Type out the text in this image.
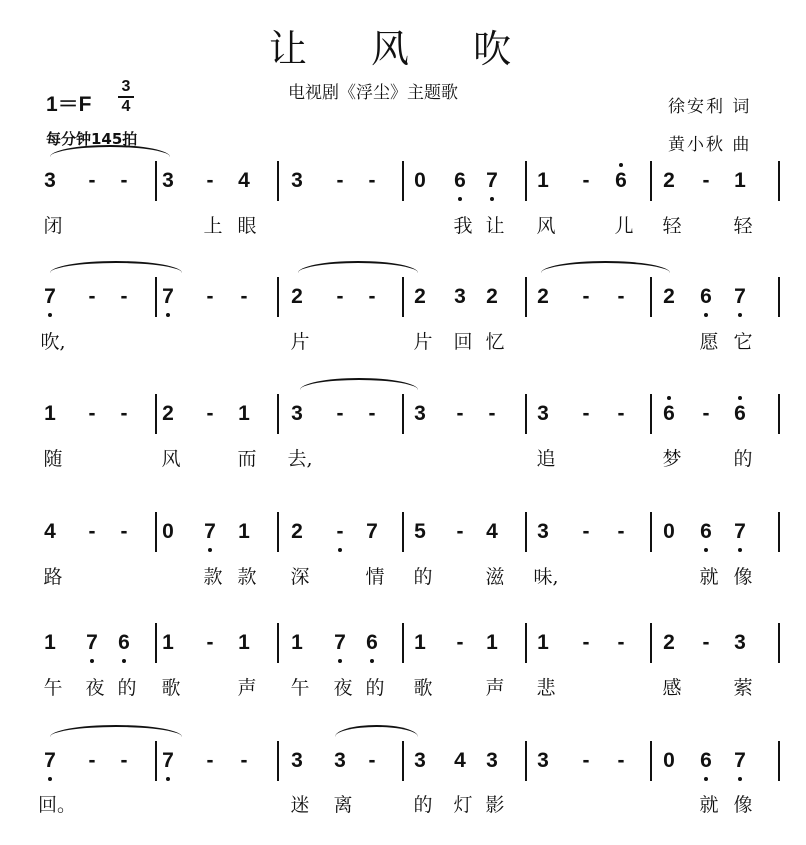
让 风 吹
电视剧《浮尘》主题歌
1＝F
3
4
每分钟145拍
徐安利 词
黄小秋 曲
3	-	-	3	-	4 3	-	-	0 6 7 1	-	6 2	-	1
闭	上 眼	我 让 风	儿 轻	轻
7	-	-	7	-	-	2	-	-	2 3 2 2	-	-	2 6 7
吹,	片	片 回 忆	愿 它
1	-	-	2	-	1 3	-	-	3	-	-	3	-	-	6	-	6
随	风	而 去,	追	梦	的
4	-	-	0 7 1 2	-	7 5	-	4 3	-	-	0 6 7
路	款 款 深	情 的	滋 味,	就 像
1 7 6 1	-	1 1 7 6 1	-	1 1	-	-	2	-	3
午 夜 的 歌	声 午 夜 的 歌	声 悲	感	萦
7	-	-	7	-	-	3 3	-	3 4 3 3	-	-	0 6 7
回。	迷 离	的 灯 影	就 像
